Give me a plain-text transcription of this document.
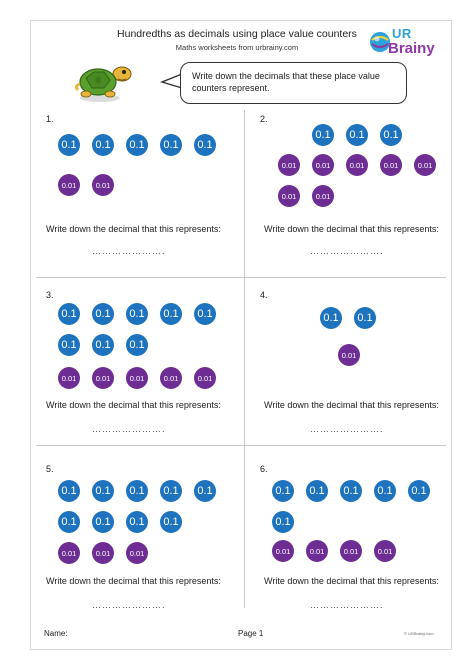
Hundredths as decimals using place value counters
Maths worksheets from urbrainy.com
UR
Brainy
Write down the decimals that these place value counters represent.
1.
0.1	0.1	0.1	0.1	0.1
0.01	0.01
Write down the decimal that this represents:
………………….
2.
0.1	0.1	0.1
0.01	0.01	0.01	0.01	0.01
0.01	0.01
Write down the decimal that this represents:
………………….
3.
0.1	0.1	0.1	0.1	0.1
0.1	0.1	0.1
0.01	0.01	0.01	0.01	0.01
Write down the decimal that this represents:
………………….
4.
0.1	0.1
0.01
Write down the decimal that this represents:
………………….
5.
0.1	0.1	0.1	0.1	0.1
0.1	0.1	0.1	0.1
0.01	0.01	0.01
Write down the decimal that this represents:
………………….
6.
0.1	0.1	0.1	0.1	0.1
0.1
0.01	0.01	0.01	0.01
Write down the decimal that this represents:
………………….
Name:	Page 1	© URBrainy.com
